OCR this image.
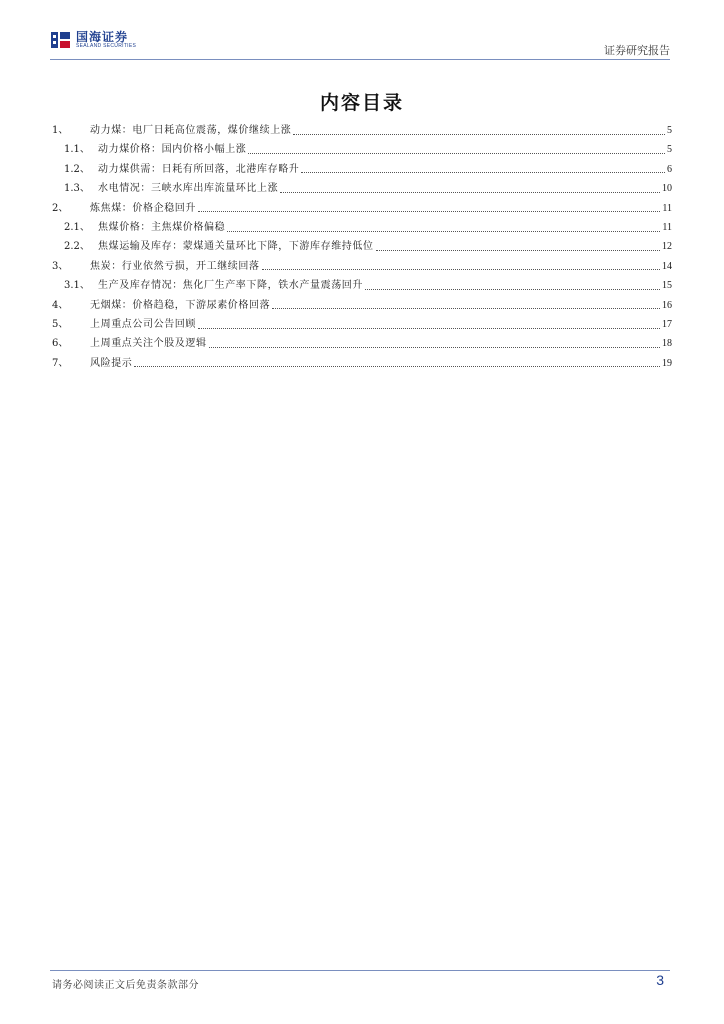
国海证券
SEALAND SECURITIES	证券研究报告
内容目录
1、	动力煤：电厂日耗高位震荡，煤价继续上涨	5
1.1、 动力煤价格：国内价格小幅上涨	5
1.2、 动力煤供需：日耗有所回落，北港库存略升	6
1.3、 水电情况：三峡水库出库流量环比上涨	10
2、	炼焦煤：价格企稳回升	11
2.1、 焦煤价格：主焦煤价格偏稳	11
2.2、 焦煤运输及库存：蒙煤通关量环比下降，下游库存维持低位	12
3、	焦炭：行业依然亏损，开工继续回落	14
3.1、 生产及库存情况：焦化厂生产率下降，铁水产量震荡回升	15
4、	无烟煤：价格趋稳，下游尿素价格回落	16
5、	上周重点公司公告回顾	17
6、	上周重点关注个股及逻辑	18
7、	风险提示	19
请务必阅读正文后免责条款部分	3
